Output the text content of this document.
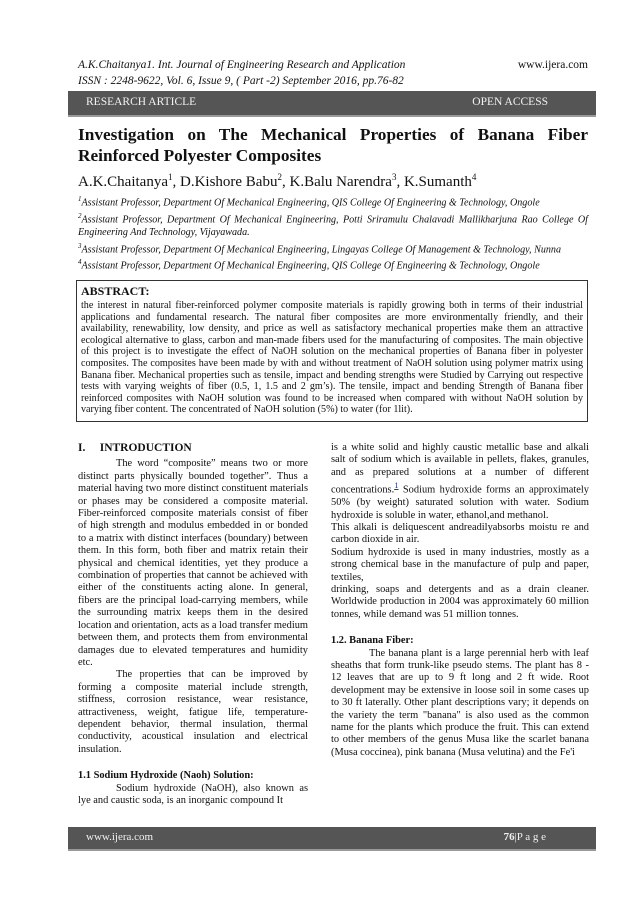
A.K.Chaitanya1. Int. Journal of Engineering Research and Application	www.ijera.com
ISSN : 2248-9622, Vol. 6, Issue 9, ( Part -2) September 2016, pp.76-82
RESEARCH ARTICLE	OPEN ACCESS
Investigation on The Mechanical Properties of Banana Fiber
Reinforced Polyester Composites
A.K.Chaitanya$^1$, D.Kishore Babu$^2$, K.Balu Narendra$^3$, K.Sumanth$^4$
$^1$Assistant Professor, Department Of Mechanical Engineering, QIS College Of Engineering & Technology, Ongole
$^2$Assistant Professor, Department Of Mechanical Engineering, Potti Sriramulu Chalavadi Mallikharjuna Rao College Of Engineering And Technology, Vijayawada.
$^3$Assistant Professor, Department Of Mechanical Engineering, Lingayas College Of Management & Technology, Nunna
$^4$Assistant Professor, Department Of Mechanical Engineering, QIS College Of Engineering & Technology, Ongole
ABSTRACT:
the interest in natural fiber-reinforced polymer composite materials is rapidly growing both in terms of their industrial applications and fundamental research. The natural fiber composites are more environmentally friendly, and their availability, renewability, low density, and price as well as satisfactory mechanical properties make them an attractive ecological alternative to glass, carbon and man-made fibers used for the manufacturing of composites. The main objective of this project is to investigate the effect of NaOH solution on the mechanical properties of Banana fiber in polyester composites. The composites have been made by with and without treatment of NaOH solution using polymer matrix using Banana fiber. Mechanical properties such as tensile, impact and bending strengths were Studied by Carrying out respective tests with varying weights of fiber (0.5, 1, 1.5 and 2 gm’s). The tensile, impact and bending Strength of Banana fiber reinforced composites with NaOH solution was found to be increased when compared with without NaOH solution by varying fiber content. The concentrated of NaOH solution (5%) to water (for 1lit).

I.     INTRODUCTION

The word “composite” means two or more distinct parts physically bounded together”. Thus a material having two more distinct constituent materials or phases may be considered a composite material. Fiber-reinforced composite materials consist of fiber of high strength and modulus embedded in or bonded to a matrix with distinct interfaces (boundary) between them. In this form, both fiber and matrix retain their physical and chemical identities, yet they produce a combination of properties that cannot be achieved with either of the constituents acting alone. In general, fibers are the principal load-carrying members, while the surrounding matrix keeps them in the desired location and orientation, acts as a load transfer medium between them, and protects them from environmental damages due to elevated temperatures and humidity etc.

The properties that can be improved by forming a composite material include strength, stiffness, corrosion resistance, wear resistance, attractiveness, weight, fatigue life, temperature-dependent behavior, thermal insulation, thermal conductivity, acoustical insulation and electrical insulation.

1.1 Sodium Hydroxide (Naoh) Solution:

Sodium hydroxide (NaOH), also known as lye and caustic soda, is an inorganic compound It

is a white solid and highly caustic metallic base and alkali salt of sodium which is available in pellets, flakes, granules, and as prepared solutions at a number of different concentrations.$^1$ Sodium hydroxide forms an approximately 50% (by weight) saturated solution with water. Sodium hydroxide is soluble in water, ethanol,and methanol.

This alkali is deliquescent andreadilyabsorbs moistu re and carbon dioxide in air.

Sodium hydroxide is used in many industries, mostly as a strong chemical base in the manufacture of pulp and paper, textiles,

drinking, soaps and detergents and as a drain cleaner. Worldwide production in 2004 was approximately 60 million tonnes, while demand was 51 million tonnes.

1.2. Banana Fiber:

The banana plant is a large perennial herb with leaf sheaths that form trunk-like pseudo stems. The plant has 8 - 12 leaves that are up to 9 ft long and 2 ft wide. Root development may be extensive in loose soil in some cases up to 30 ft laterally. Other plant descriptions vary; it depends on the variety the term "banana" is also used as the common name for the plants which produce the fruit. This can extend to other members of the genus Musa like the scarlet banana (Musa coccinea), pink banana (Musa velutina) and the Fe'i

www.ijera.com	76|P a g e
